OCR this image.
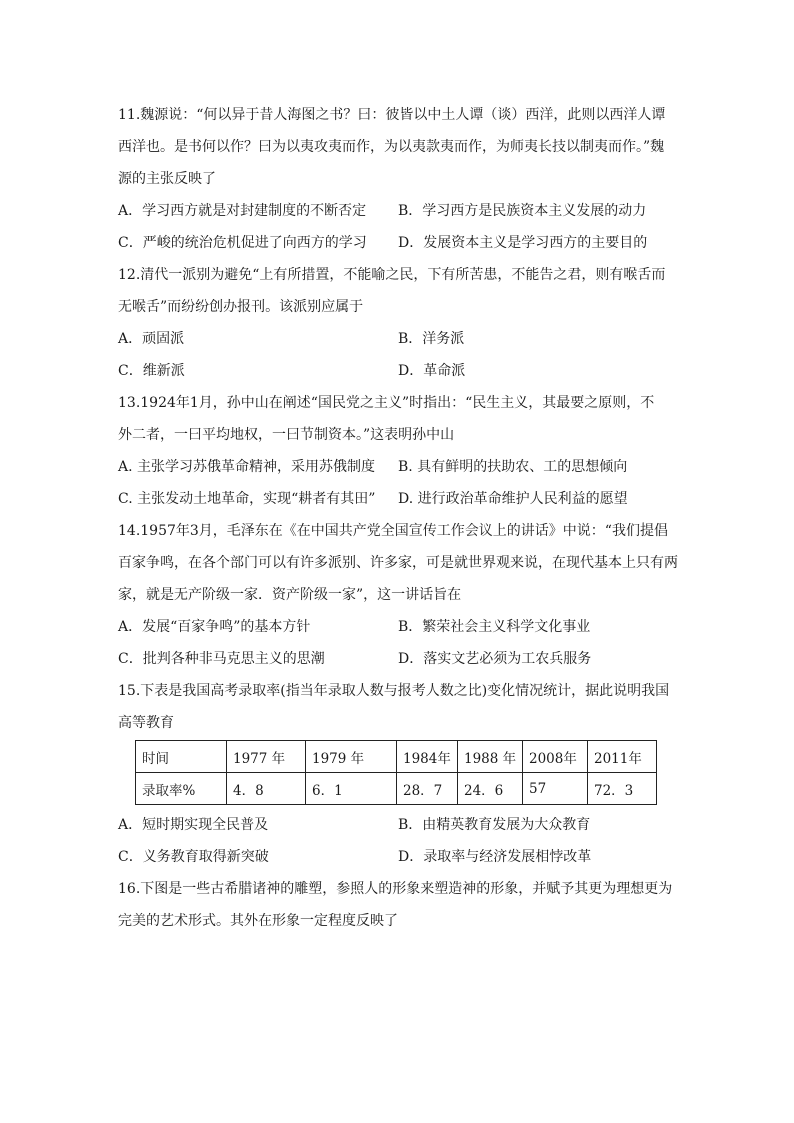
11.魏源说：“何以异于昔人海图之书？曰：彼皆以中土人谭（谈）西洋，此则以西洋人谭
西洋也。是书何以作？曰为以夷攻夷而作，为以夷款夷而作，为师夷长技以制夷而作。”魏
源的主张反映了
A．学习西方就是对封建制度的不断否定	B．学习西方是民族资本主义发展的动力
C．严峻的统治危机促进了向西方的学习	D．发展资本主义是学习西方的主要目的
12.清代一派别为避免“上有所措置，不能喻之民，下有所苦患，不能告之君，则有喉舌而
无喉舌”而纷纷创办报刊。该派别应属于
A．顽固派	B．洋务派
C．维新派	D．革命派
13.1924年1月，孙中山在阐述“国民党之主义”时指出：“民生主义，其最要之原则，不
外二者，一曰平均地权，一曰节制资本。”这表明孙中山
A. 主张学习苏俄革命精神，采用苏俄制度	B. 具有鲜明的扶助农、工的思想倾向
C. 主张发动土地革命，实现“耕者有其田”	D. 进行政治革命维护人民利益的愿望
14.1957年3月，毛泽东在《在中国共产党全国宣传工作会议上的讲话》中说：“我们提倡
百家争鸣，在各个部门可以有许多派别、许多家，可是就世界观来说，在现代基本上只有两
家，就是无产阶级一家．资产阶级一家”，这一讲话旨在
A．发展“百家争鸣”的基本方针	B．繁荣社会主义科学文化事业
C．批判各种非马克思主义的思潮	D．落实文艺必须为工农兵服务
15.下表是我国高考录取率(指当年录取人数与报考人数之比)变化情况统计，据此说明我国
高等教育
时间	1977 年	1979 年	1984年	1988 年	2008年	2011年
录取率%	4．8	6．1	28．7	24．6	57	72．3
A．短时期实现全民普及	B．由精英教育发展为大众教育
C．义务教育取得新突破	D．录取率与经济发展相悖改革
16.下图是一些古希腊诸神的雕塑，参照人的形象来塑造神的形象，并赋予其更为理想更为
完美的艺术形式。其外在形象一定程度反映了
